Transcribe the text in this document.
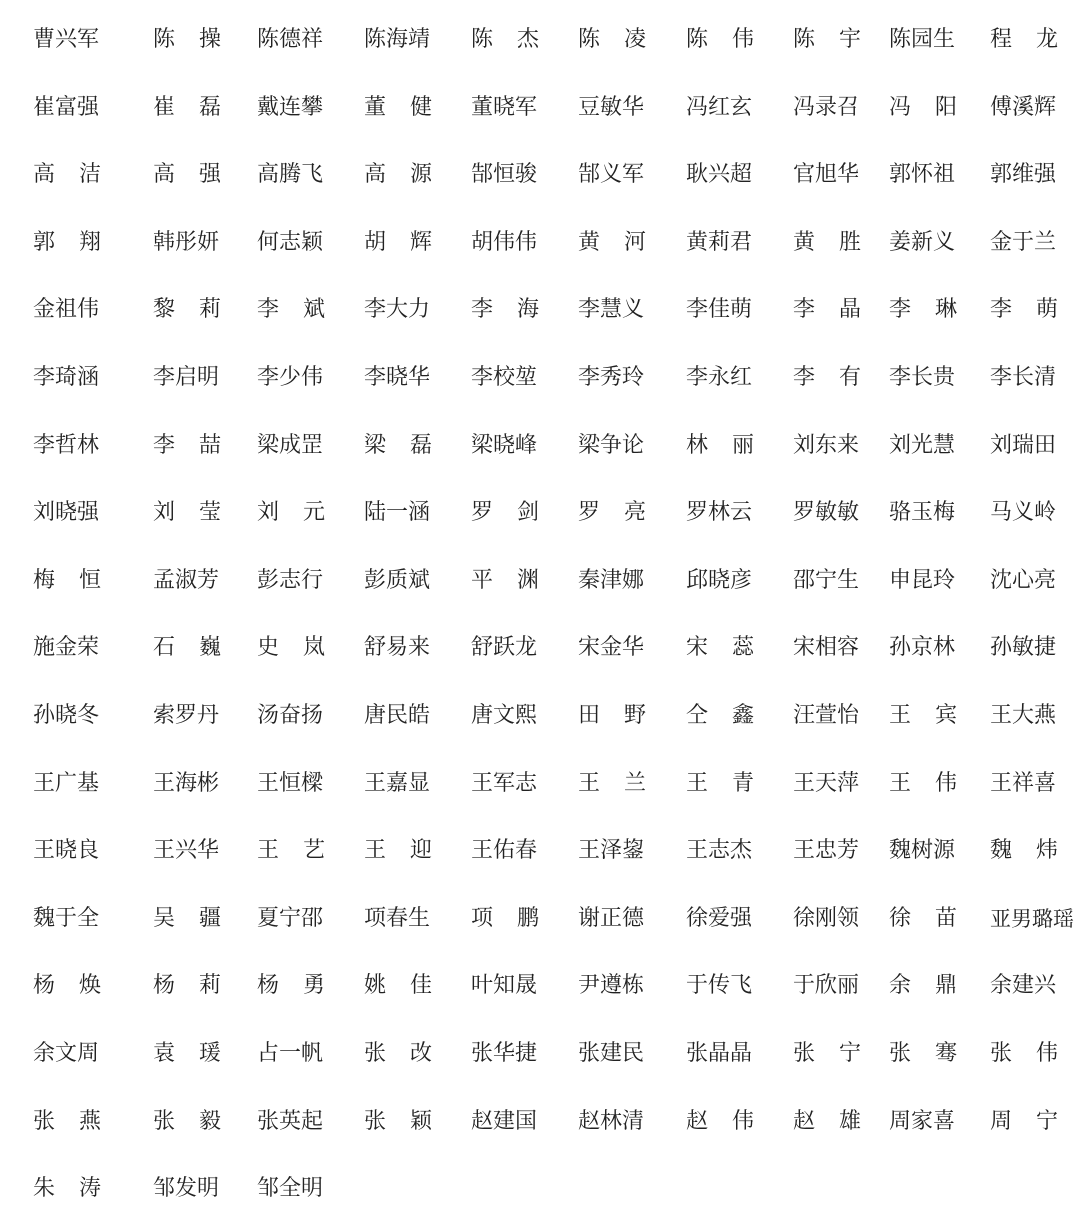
曹兴军 陈 操 陈德祥 陈海靖 陈 杰 陈 凌 陈 伟 陈 宇 陈园生 程 龙
崔富强 崔 磊 戴连攀 董 健 董晓军 豆敏华 冯红玄 冯录召 冯 阳 傅溪辉
高 洁 高 强 高腾飞 高 源 郜恒骏 郜义军 耿兴超 官旭华 郭怀祖 郭维强
郭 翔 韩彤妍 何志颖 胡 辉 胡伟伟 黄 河 黄莉君 黄 胜 姜新义 金于兰
金祖伟 黎 莉 李 斌 李大力 李 海 李慧义 李佳萌 李 晶 李 琳 李 萌
李琦涵 李启明 李少伟 李晓华 李校堃 李秀玲 李永红 李 有 李长贵 李长清
李哲林 李 喆 梁成罡 梁 磊 梁晓峰 梁争论 林 丽 刘东来 刘光慧 刘瑞田
刘晓强 刘 莹 刘 元 陆一涵 罗 剑 罗 亮 罗林云 罗敏敏 骆玉梅 马义岭
梅 恒 孟淑芳 彭志行 彭质斌 平 渊 秦津娜 邱晓彦 邵宁生 申昆玲 沈心亮
施金荣 石 巍 史 岚 舒易来 舒跃龙 宋金华 宋 蕊 宋相容 孙京林 孙敏捷
孙晓冬 索罗丹 汤奋扬 唐民皓 唐文熙 田 野 仝 鑫 汪萱怡 王 宾 王大燕
王广基 王海彬 王恒樑 王嘉显 王军志 王 兰 王 青 王天萍 王 伟 王祥喜
王晓良 王兴华 王 艺 王 迎 王佑春 王泽鋆 王志杰 王忠芳 魏树源 魏 炜
魏于全 吴 疆 夏宁邵 项春生 项 鹏 谢正德 徐爱强 徐刚领 徐 苗 亚男璐瑶
杨 焕 杨 莉 杨 勇 姚 佳 叶知晟 尹遵栋 于传飞 于欣丽 余 鼎 余建兴
余文周 袁 瑗 占一帆 张 改 张华捷 张建民 张晶晶 张 宁 张 骞 张 伟
张 燕 张 毅 张英起 张 颖 赵建国 赵林清 赵 伟 赵 雄 周家喜 周 宁
朱 涛 邹发明 邹全明
